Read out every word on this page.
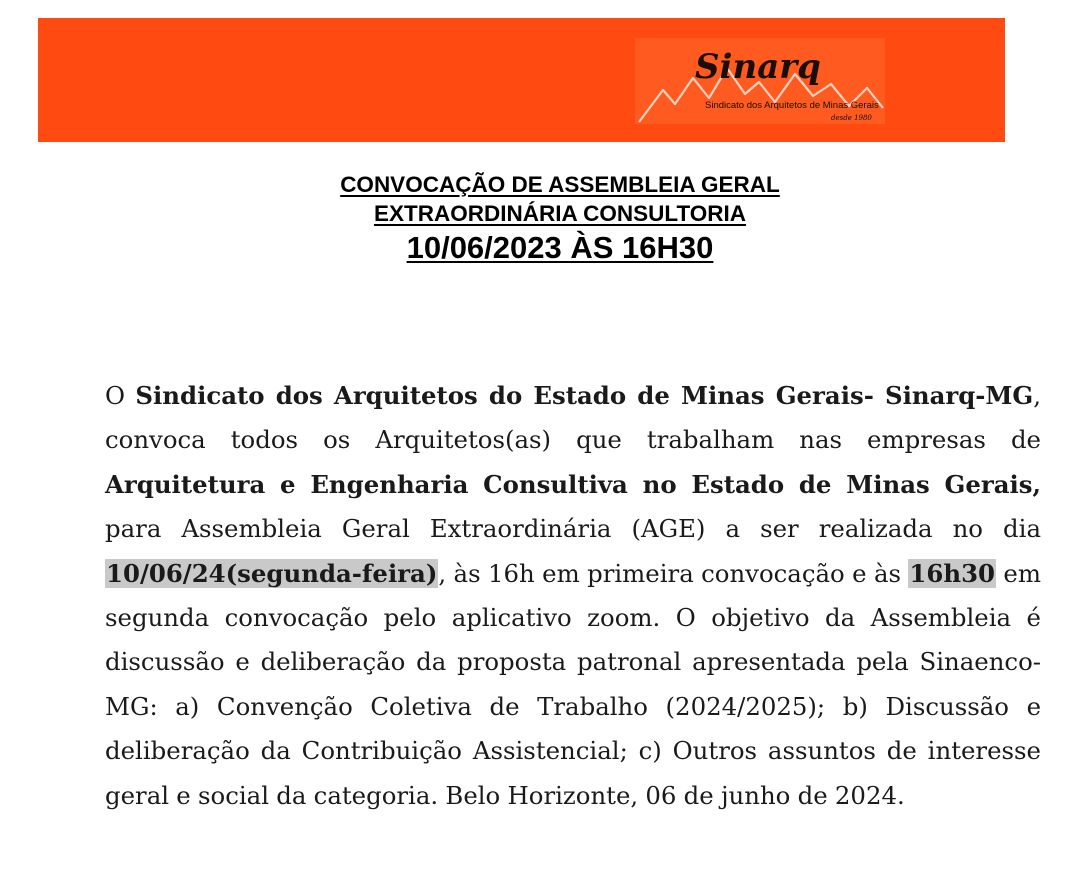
Sinarq
Sindicato dos Arquitetos de Minas Gerais
desde 1980
CONVOCAÇÃO DE ASSEMBLEIA GERAL
EXTRAORDINÁRIA CONSULTORIA
10/06/2023 ÀS 16H30
O Sindicato dos Arquitetos do Estado de Minas Gerais- Sinarq-MG, convoca todos os Arquitetos(as) que trabalham nas empresas de Arquitetura e Engenharia Consultiva no Estado de Minas Gerais, para Assembleia Geral Extraordinária (AGE) a ser realizada no dia 10/06/24(segunda-feira), às 16h em primeira convocação e às 16h30 em segunda convocação pelo aplicativo zoom. O objetivo da Assembleia é discussão e deliberação da proposta patronal apresentada pela Sinaenco-MG: a) Convenção Coletiva de Trabalho (2024/2025); b) Discussão e deliberação da Contribuição Assistencial; c) Outros assuntos de interesse geral e social da categoria. Belo Horizonte, 06 de junho de 2024.
